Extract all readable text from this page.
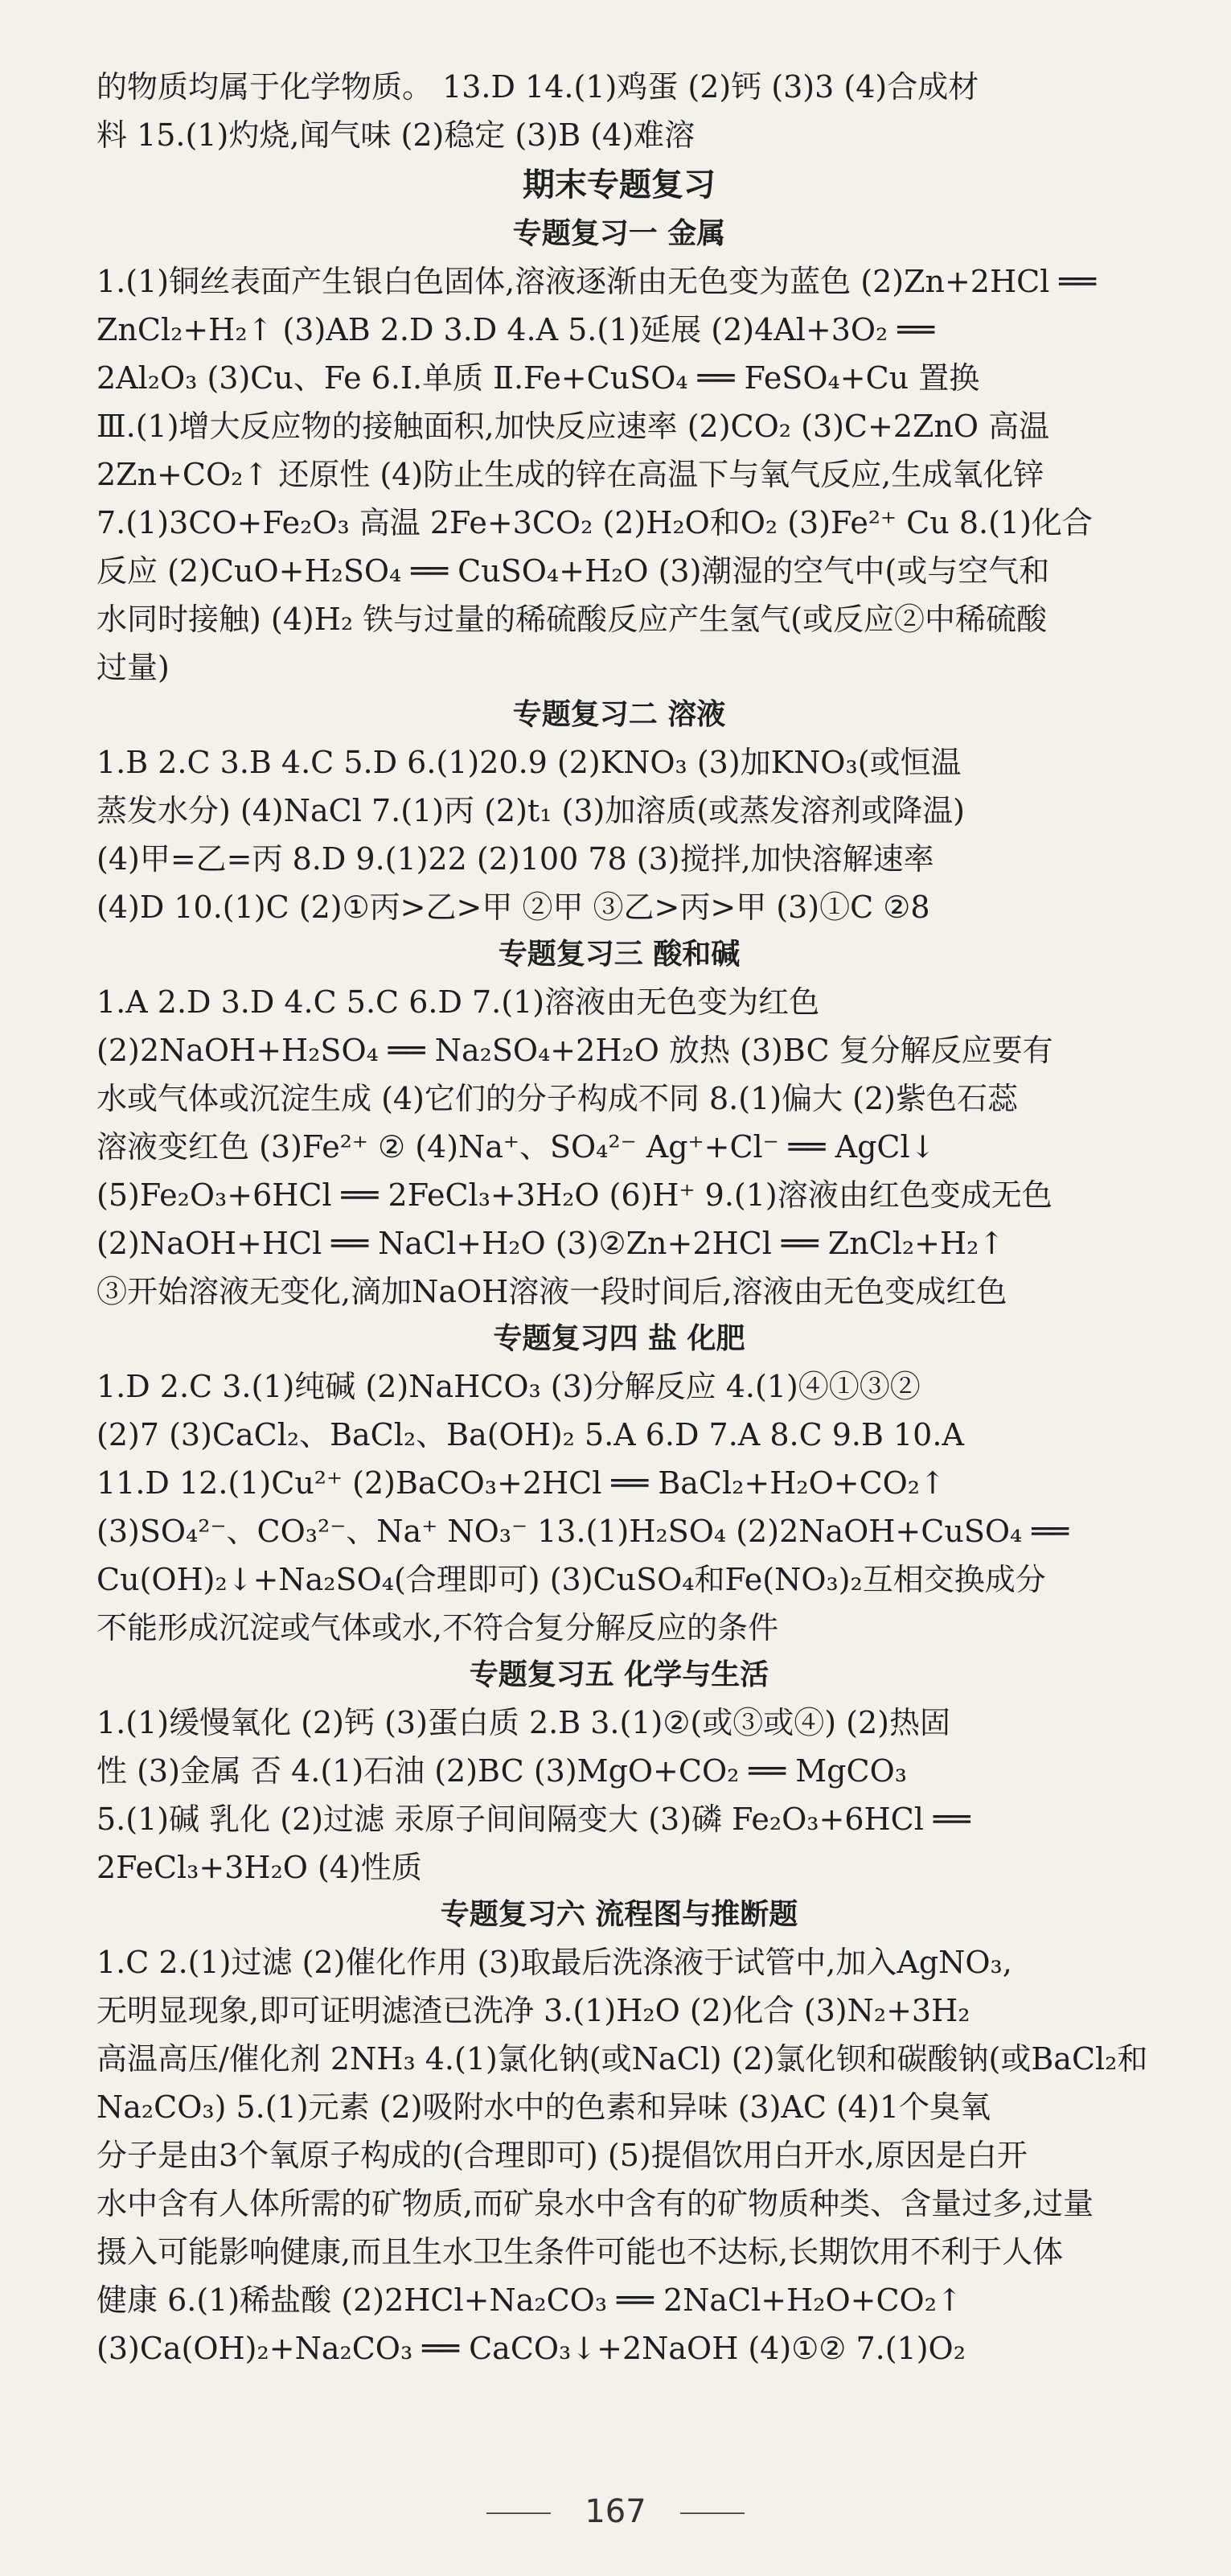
的物质均属于化学物质。 13.D 14.(1)鸡蛋 (2)钙 (3)3 (4)合成材
料 15.(1)灼烧,闻气味 (2)稳定 (3)B (4)难溶
期末专题复习
专题复习一 金属
1.(1)铜丝表面产生银白色固体,溶液逐渐由无色变为蓝色 (2)Zn+2HCl ══
ZnCl₂+H₂↑ (3)AB 2.D 3.D 4.A 5.(1)延展 (2)4Al+3O₂ ══
2Al₂O₃ (3)Cu、Fe 6.Ⅰ.单质 Ⅱ.Fe+CuSO₄ ══ FeSO₄+Cu 置换
Ⅲ.(1)增大反应物的接触面积,加快反应速率 (2)CO₂ (3)C+2ZnO 高温
2Zn+CO₂↑ 还原性 (4)防止生成的锌在高温下与氧气反应,生成氧化锌
7.(1)3CO+Fe₂O₃ 高温 2Fe+3CO₂ (2)H₂O和O₂ (3)Fe²⁺ Cu 8.(1)化合
反应 (2)CuO+H₂SO₄ ══ CuSO₄+H₂O (3)潮湿的空气中(或与空气和
水同时接触) (4)H₂ 铁与过量的稀硫酸反应产生氢气(或反应②中稀硫酸
过量)
专题复习二 溶液
1.B 2.C 3.B 4.C 5.D 6.(1)20.9 (2)KNO₃ (3)加KNO₃(或恒温
蒸发水分) (4)NaCl 7.(1)丙 (2)t₁ (3)加溶质(或蒸发溶剂或降温)
(4)甲=乙=丙 8.D 9.(1)22 (2)100 78 (3)搅拌,加快溶解速率
(4)D 10.(1)C (2)①丙>乙>甲 ②甲 ③乙>丙>甲 (3)①C ②8
专题复习三 酸和碱
1.A 2.D 3.D 4.C 5.C 6.D 7.(1)溶液由无色变为红色
(2)2NaOH+H₂SO₄ ══ Na₂SO₄+2H₂O 放热 (3)BC 复分解反应要有
水或气体或沉淀生成 (4)它们的分子构成不同 8.(1)偏大 (2)紫色石蕊
溶液变红色 (3)Fe²⁺ ② (4)Na⁺、SO₄²⁻ Ag⁺+Cl⁻ ══ AgCl↓
(5)Fe₂O₃+6HCl ══ 2FeCl₃+3H₂O (6)H⁺ 9.(1)溶液由红色变成无色
(2)NaOH+HCl ══ NaCl+H₂O (3)②Zn+2HCl ══ ZnCl₂+H₂↑
③开始溶液无变化,滴加NaOH溶液一段时间后,溶液由无色变成红色
专题复习四 盐 化肥
1.D 2.C 3.(1)纯碱 (2)NaHCO₃ (3)分解反应 4.(1)④①③②
(2)7 (3)CaCl₂、BaCl₂、Ba(OH)₂ 5.A 6.D 7.A 8.C 9.B 10.A
11.D 12.(1)Cu²⁺ (2)BaCO₃+2HCl ══ BaCl₂+H₂O+CO₂↑
(3)SO₄²⁻、CO₃²⁻、Na⁺ NO₃⁻ 13.(1)H₂SO₄ (2)2NaOH+CuSO₄ ══
Cu(OH)₂↓+Na₂SO₄(合理即可) (3)CuSO₄和Fe(NO₃)₂互相交换成分
不能形成沉淀或气体或水,不符合复分解反应的条件
专题复习五 化学与生活
1.(1)缓慢氧化 (2)钙 (3)蛋白质 2.B 3.(1)②(或③或④) (2)热固
性 (3)金属 否 4.(1)石油 (2)BC (3)MgO+CO₂ ══ MgCO₃
5.(1)碱 乳化 (2)过滤 汞原子间间隔变大 (3)磷 Fe₂O₃+6HCl ══
2FeCl₃+3H₂O (4)性质
专题复习六 流程图与推断题
1.C 2.(1)过滤 (2)催化作用 (3)取最后洗涤液于试管中,加入AgNO₃,
无明显现象,即可证明滤渣已洗净 3.(1)H₂O (2)化合 (3)N₂+3H₂
高温高压/催化剂 2NH₃ 4.(1)氯化钠(或NaCl) (2)氯化钡和碳酸钠(或BaCl₂和
Na₂CO₃) 5.(1)元素 (2)吸附水中的色素和异味 (3)AC (4)1个臭氧
分子是由3个氧原子构成的(合理即可) (5)提倡饮用白开水,原因是白开
水中含有人体所需的矿物质,而矿泉水中含有的矿物质种类、含量过多,过量
摄入可能影响健康,而且生水卫生条件可能也不达标,长期饮用不利于人体
健康 6.(1)稀盐酸 (2)2HCl+Na₂CO₃ ══ 2NaCl+H₂O+CO₂↑
(3)Ca(OH)₂+Na₂CO₃ ══ CaCO₃↓+2NaOH (4)①② 7.(1)O₂
167
